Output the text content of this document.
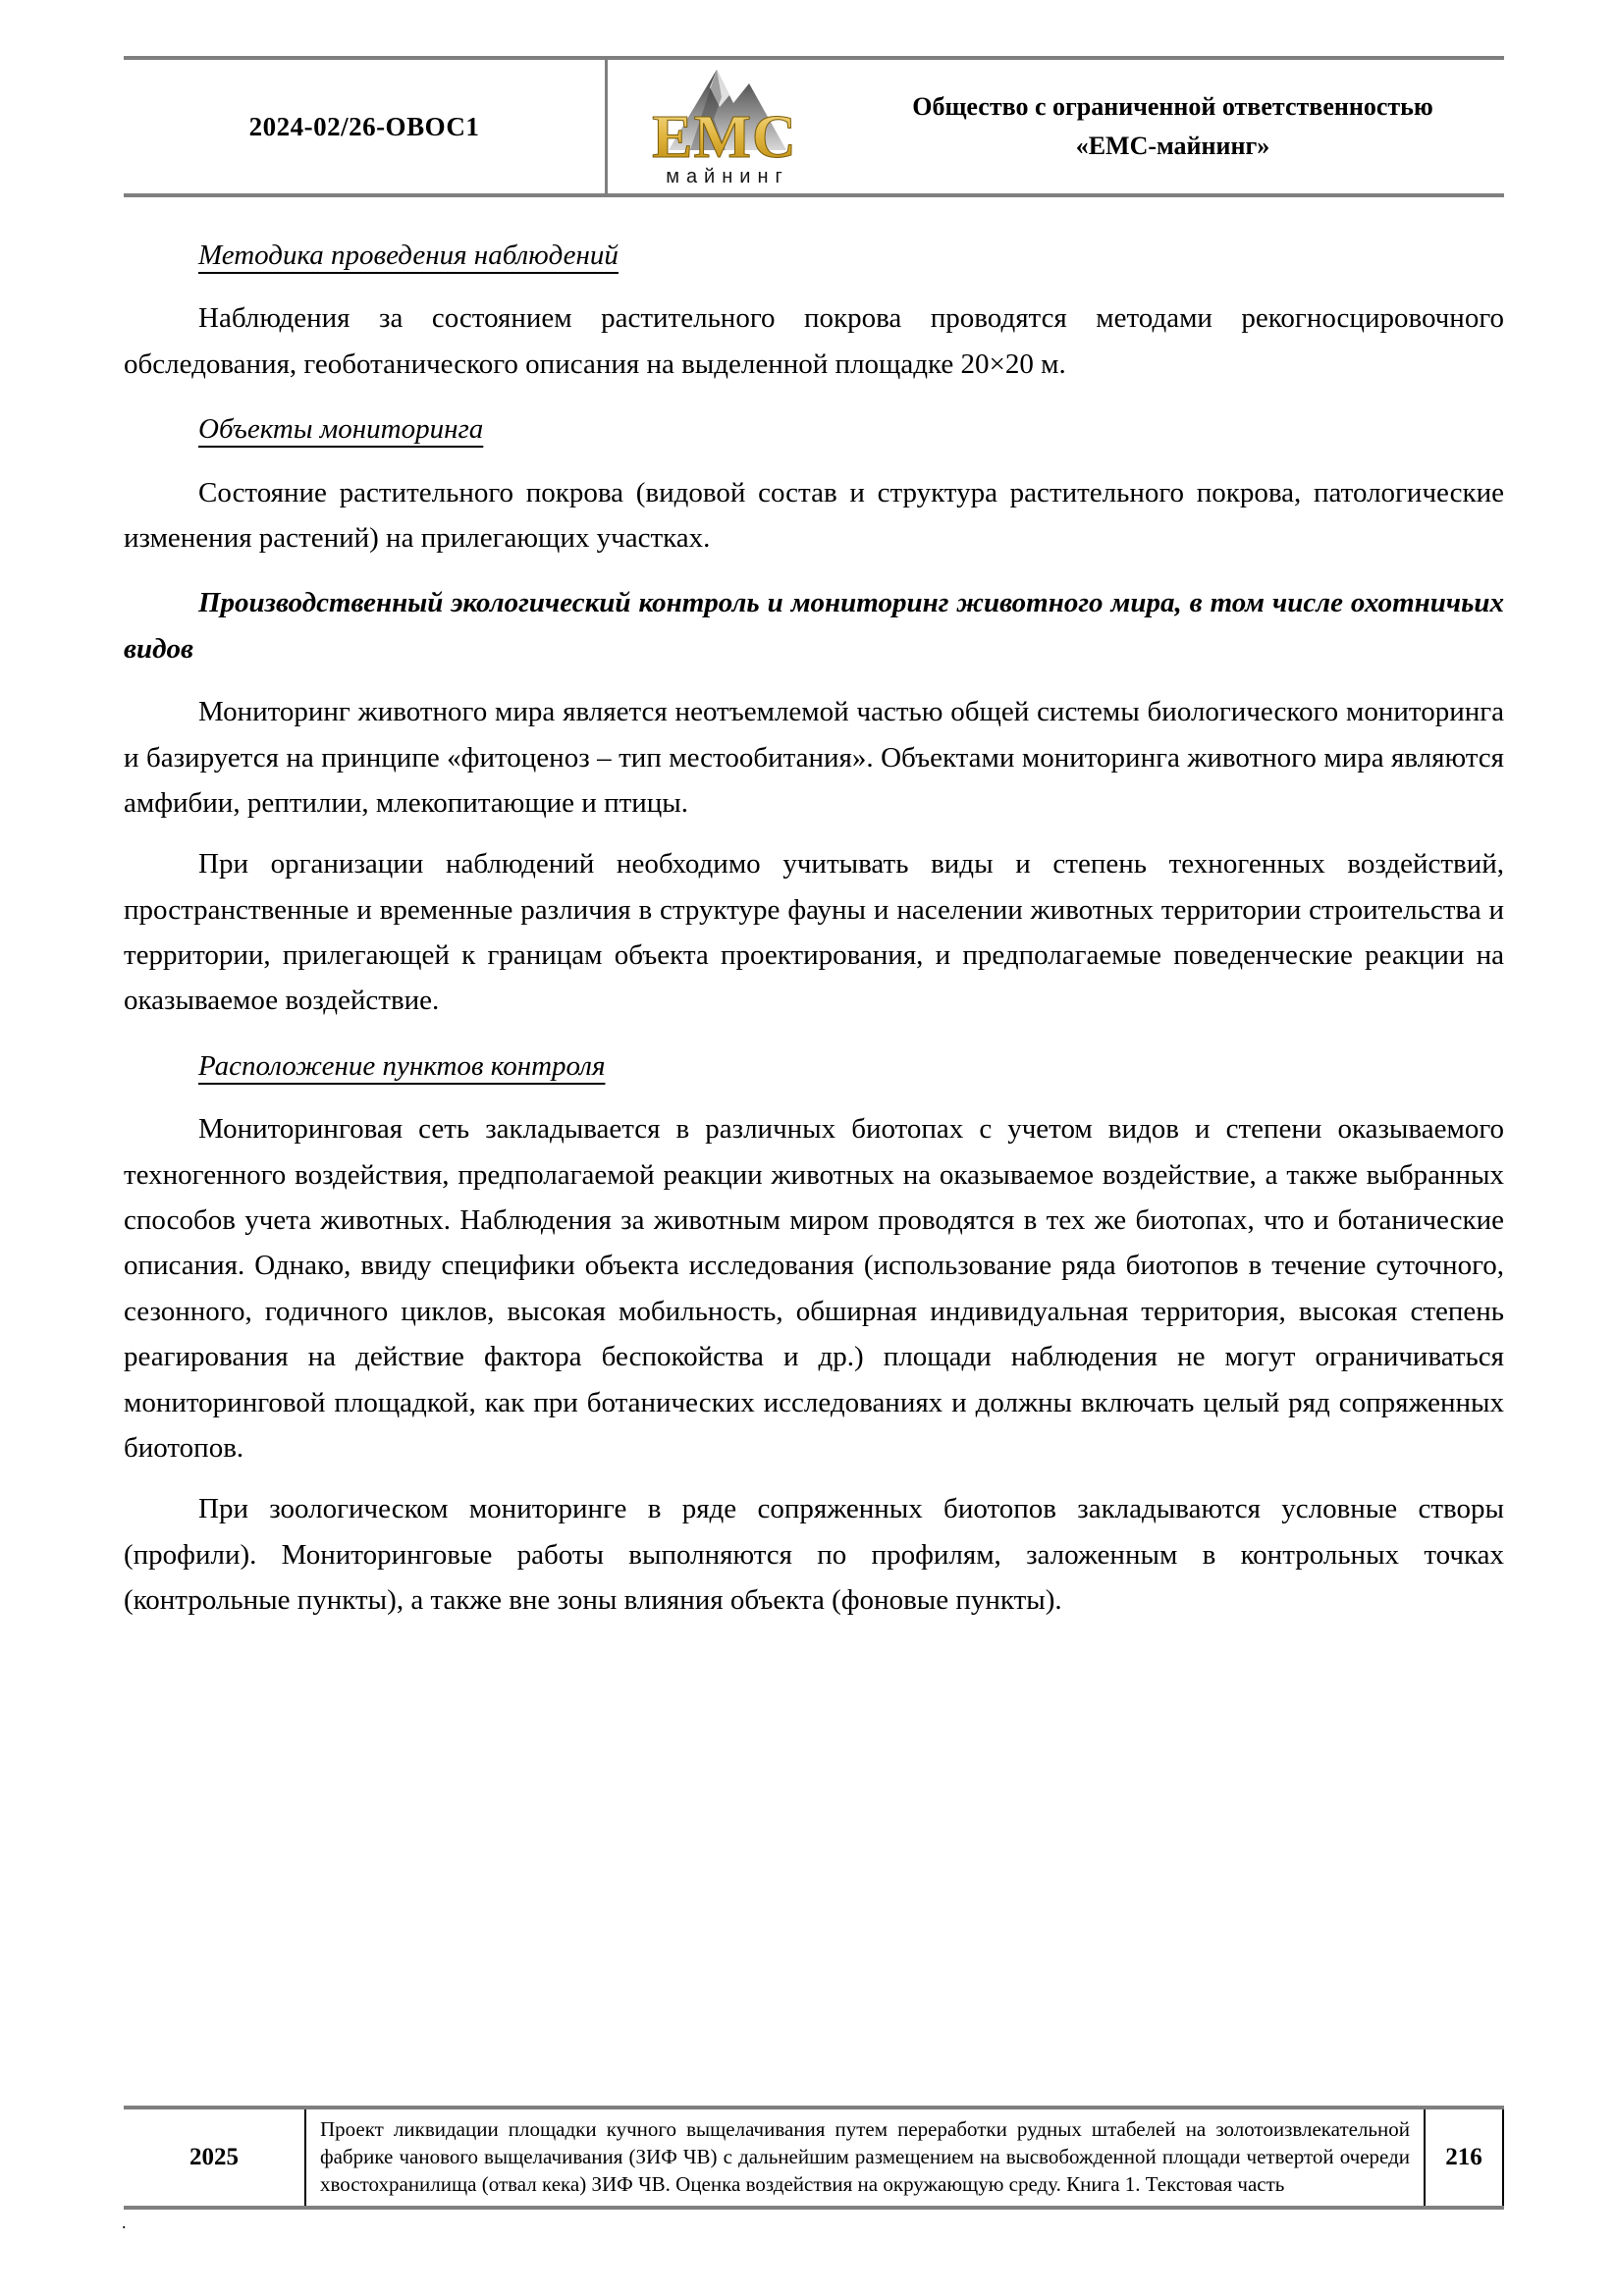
2024-02/26-ОВОС1	ЕМС
майнинг
Общество с ограниченной ответственностью
«ЕМС-майнинг»
Методика проведения наблюдений

Наблюдения за состоянием растительного покрова проводятся методами рекогносцировочного обследования, геоботанического описания на выделенной площадке 20×20 м.

Объекты мониторинга

Состояние растительного покрова (видовой состав и структура растительного покрова, патологические изменения растений) на прилегающих участках.

Производственный экологический контроль и мониторинг животного мира, в том числе охотничьих видов

Мониторинг животного мира является неотъемлемой частью общей системы биологического мониторинга и базируется на принципе «фитоценоз – тип местообитания». Объектами мониторинга животного мира являются амфибии, рептилии, млекопитающие и птицы.

При организации наблюдений необходимо учитывать виды и степень техногенных воздействий, пространственные и временные различия в структуре фауны и населении животных территории строительства и территории, прилегающей к границам объекта проектирования, и предполагаемые поведенческие реакции на оказываемое воздействие.

Расположение пунктов контроля

Мониторинговая сеть закладывается в различных биотопах с учетом видов и степени оказываемого техногенного воздействия, предполагаемой реакции животных на оказываемое воздействие, а также выбранных способов учета животных. Наблюдения за животным миром проводятся в тех же биотопах, что и ботанические описания. Однако, ввиду специфики объекта исследования (использование ряда биотопов в течение суточного, сезонного, годичного циклов, высокая мобильность, обширная индивидуальная территория, высокая степень реагирования на действие фактора беспокойства и др.) площади наблюдения не могут ограничиваться мониторинговой площадкой, как при ботанических исследованиях и должны включать целый ряд сопряженных биотопов.

При зоологическом мониторинге в ряде сопряженных биотопов закладываются условные створы (профили). Мониторинговые работы выполняются по профилям, заложенным в контрольных точках (контрольные пункты), а также вне зоны влияния объекта (фоновые пункты).

2025
Проект ликвидации площадки кучного выщелачивания путем переработки рудных штабелей на золотоизвлекательной фабрике чанового выщелачивания (ЗИФ ЧВ) с дальнейшим размещением на высвобожденной площади четвертой очереди хвостохранилища (отвал кека) ЗИФ ЧВ. Оценка воздействия на окружающую среду. Книга 1. Текстовая часть
216
.
